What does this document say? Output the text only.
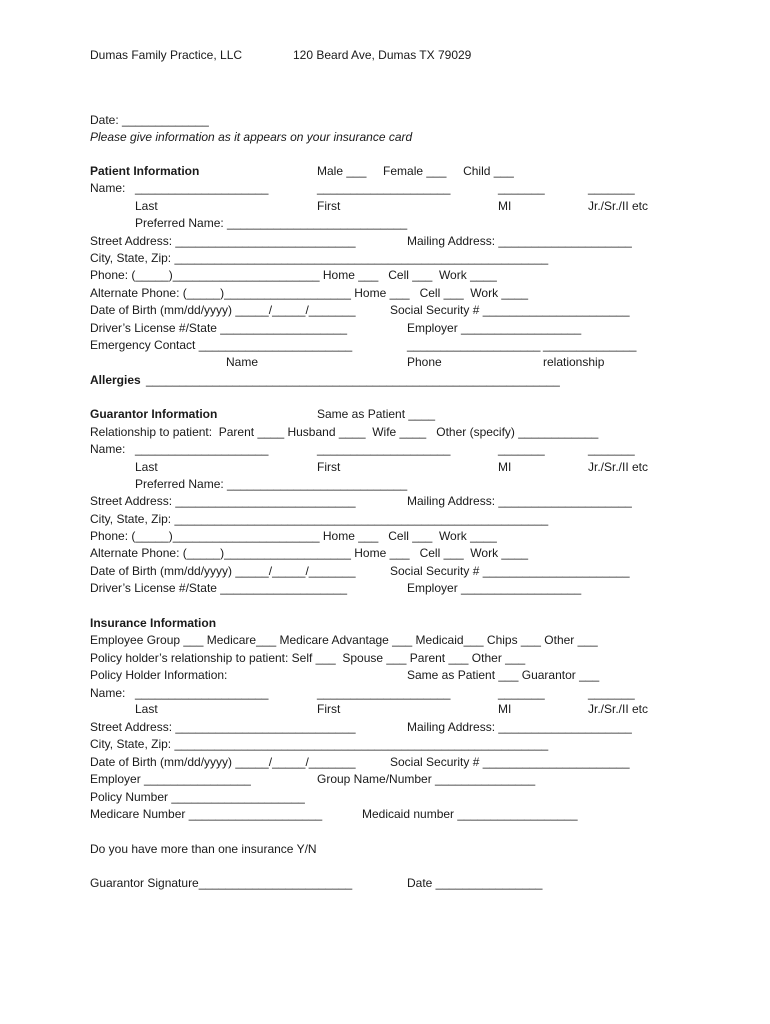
Dumas Family Practice, LLC	120 Beard Ave, Dumas TX 79029
Date: _____________
Please give information as it appears on your insurance card
Patient Information	Male ___     Female ___     Child ___
Name: ____________________	____________________	_______	_______
Last	First	MI	Jr./Sr./II etc
Preferred Name: ___________________________
Street Address: ___________________________	Mailing Address: ____________________
City, State, Zip: ________________________________________________________
Phone: (_____)______________________ Home ___   Cell ___  Work ____
Alternate Phone: (_____)___________________ Home ___   Cell ___  Work ____
Date of Birth (mm/dd/yyyy) _____/_____/_______	Social Security # ______________________
Driver’s License #/State ___________________	Employer __________________
Emergency Contact _______________________	____________________ ______________
Name	Phone	relationship
Allergies ______________________________________________________________
Guarantor Information	Same as Patient ____
Relationship to patient:  Parent ____ Husband ____  Wife ____   Other (specify) ____________
Name: ____________________	____________________	_______	_______
Last	First	MI	Jr./Sr./II etc
Preferred Name: ___________________________
Street Address: ___________________________	Mailing Address: ____________________
City, State, Zip: ________________________________________________________
Phone: (_____)______________________ Home ___   Cell ___  Work ____
Alternate Phone: (_____)___________________ Home ___   Cell ___  Work ____
Date of Birth (mm/dd/yyyy) _____/_____/_______	Social Security # ______________________
Driver’s License #/State ___________________	Employer __________________
Insurance Information
Employee Group ___ Medicare___ Medicare Advantage ___ Medicaid___ Chips ___ Other ___
Policy holder’s relationship to patient: Self ___  Spouse ___ Parent ___ Other ___
Policy Holder Information:	Same as Patient ___ Guarantor ___
Name: ____________________	____________________	_______	_______
Last	First	MI	Jr./Sr./II etc
Street Address: ___________________________	Mailing Address: ____________________
City, State, Zip: ________________________________________________________
Date of Birth (mm/dd/yyyy) _____/_____/_______	Social Security # ______________________
Employer ________________	Group Name/Number _______________
Policy Number ____________________
Medicare Number ____________________	Medicaid number __________________
Do you have more than one insurance Y/N
Guarantor Signature_______________________	Date ________________
